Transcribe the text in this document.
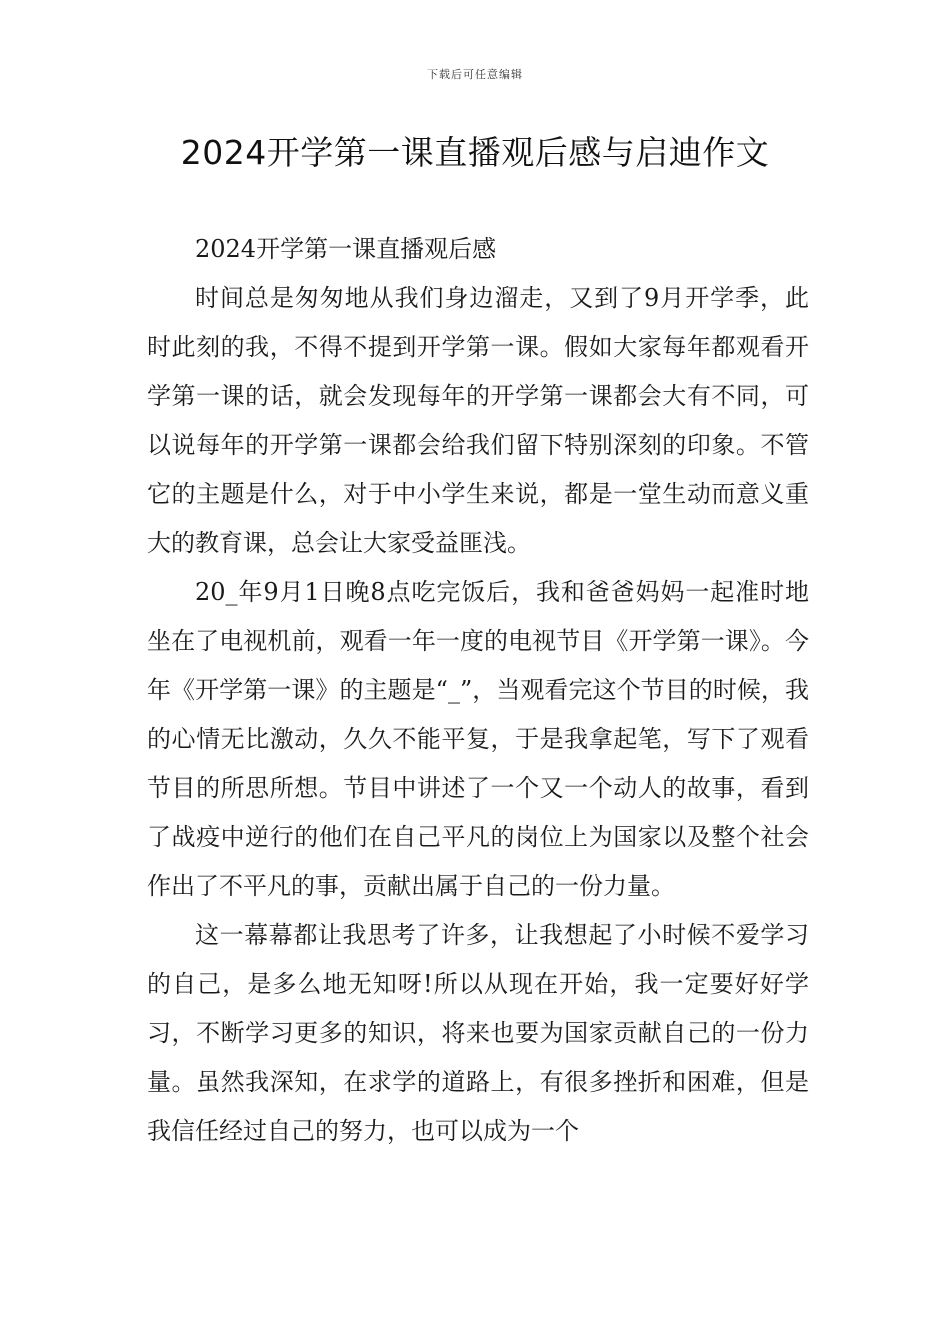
下载后可任意编辑
2024开学第一课直播观后感与启迪作文

2024开学第一课直播观后感

时间总是匆匆地从我们身边溜走，又到了9月开学季，此时此刻的我，不得不提到开学第一课。假如大家每年都观看开学第一课的话，就会发现每年的开学第一课都会大有不同，可以说每年的开学第一课都会给我们留下特别深刻的印象。不管它的主题是什么，对于中小学生来说，都是一堂生动而意义重大的教育课，总会让大家受益匪浅。

20_年9月1日晚8点吃完饭后，我和爸爸妈妈一起准时地坐在了电视机前，观看一年一度的电视节目《开学第一课》。今年《开学第一课》的主题是“_”，当观看完这个节目的时候，我的心情无比激动，久久不能平复，于是我拿起笔，写下了观看节目的所思所想。节目中讲述了一个又一个动人的故事，看到了战疫中逆行的他们在自己平凡的岗位上为国家以及整个社会作出了不平凡的事，贡献出属于自己的一份力量。

这一幕幕都让我思考了许多，让我想起了小时候不爱学习的自己，是多么地无知呀!所以从现在开始，我一定要好好学习，不断学习更多的知识，将来也要为国家贡献自己的一份力量。虽然我深知，在求学的道路上，有很多挫折和困难，但是我信任经过自己的努力，也可以成为一个
